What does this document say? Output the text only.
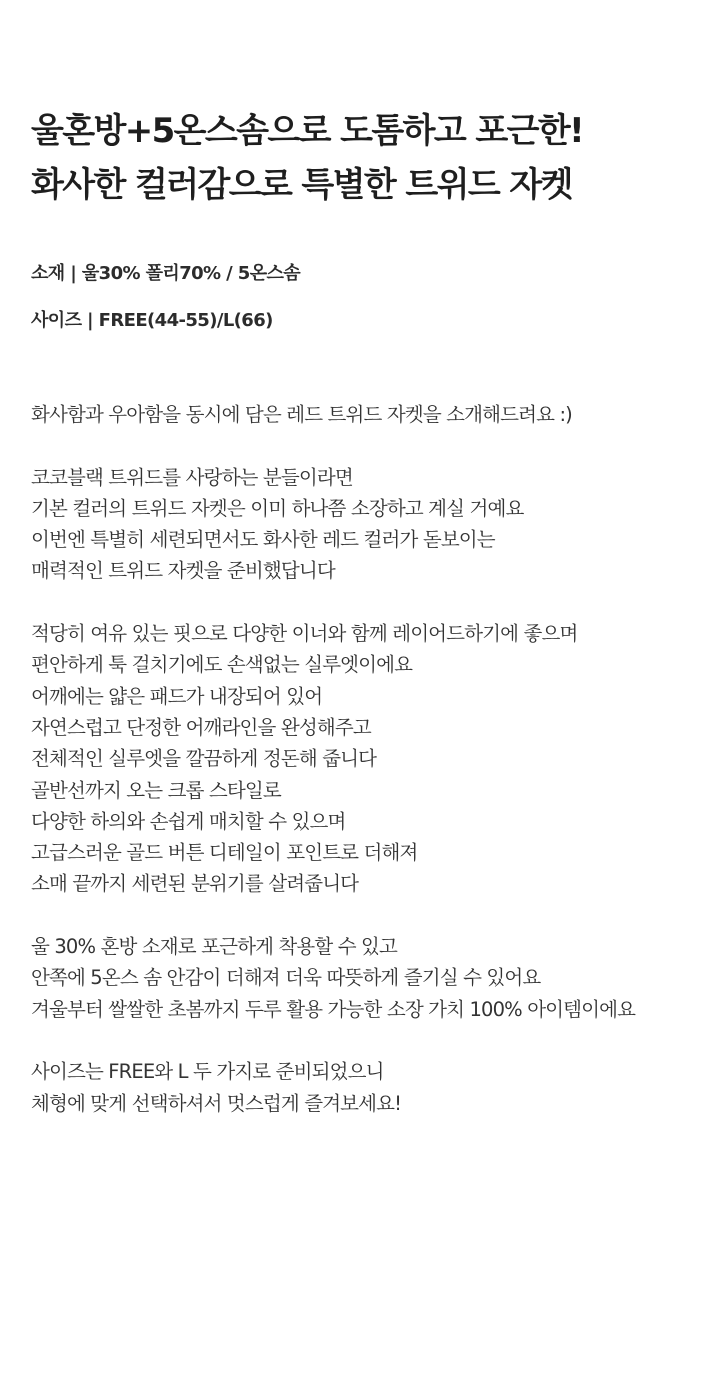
울혼방+5온스솜으로 도톰하고 포근한!
화사한 컬러감으로 특별한 트위드 자켓
소재 | 울30% 폴리70% / 5온스솜
사이즈 | FREE(44-55)/L(66)

화사함과 우아함을 동시에 담은 레드 트위드 자켓을 소개해드려요 :)

코코블랙 트위드를 사랑하는 분들이라면
기본 컬러의 트위드 자켓은 이미 하나쯤 소장하고 계실 거예요
이번엔 특별히 세련되면서도 화사한 레드 컬러가 돋보이는
매력적인 트위드 자켓을 준비했답니다

적당히 여유 있는 핏으로 다양한 이너와 함께 레이어드하기에 좋으며
편안하게 툭 걸치기에도 손색없는 실루엣이에요
어깨에는 얇은 패드가 내장되어 있어
자연스럽고 단정한 어깨라인을 완성해주고
전체적인 실루엣을 깔끔하게 정돈해 줍니다
골반선까지 오는 크롭 스타일로
다양한 하의와 손쉽게 매치할 수 있으며
고급스러운 골드 버튼 디테일이 포인트로 더해져
소매 끝까지 세련된 분위기를 살려줍니다

울 30% 혼방 소재로 포근하게 착용할 수 있고
안쪽에 5온스 솜 안감이 더해져 더욱 따뜻하게 즐기실 수 있어요
겨울부터 쌀쌀한 초봄까지 두루 활용 가능한 소장 가치 100% 아이템이에요

사이즈는 FREE와 L 두 가지로 준비되었으니
체형에 맞게 선택하셔서 멋스럽게 즐겨보세요!
